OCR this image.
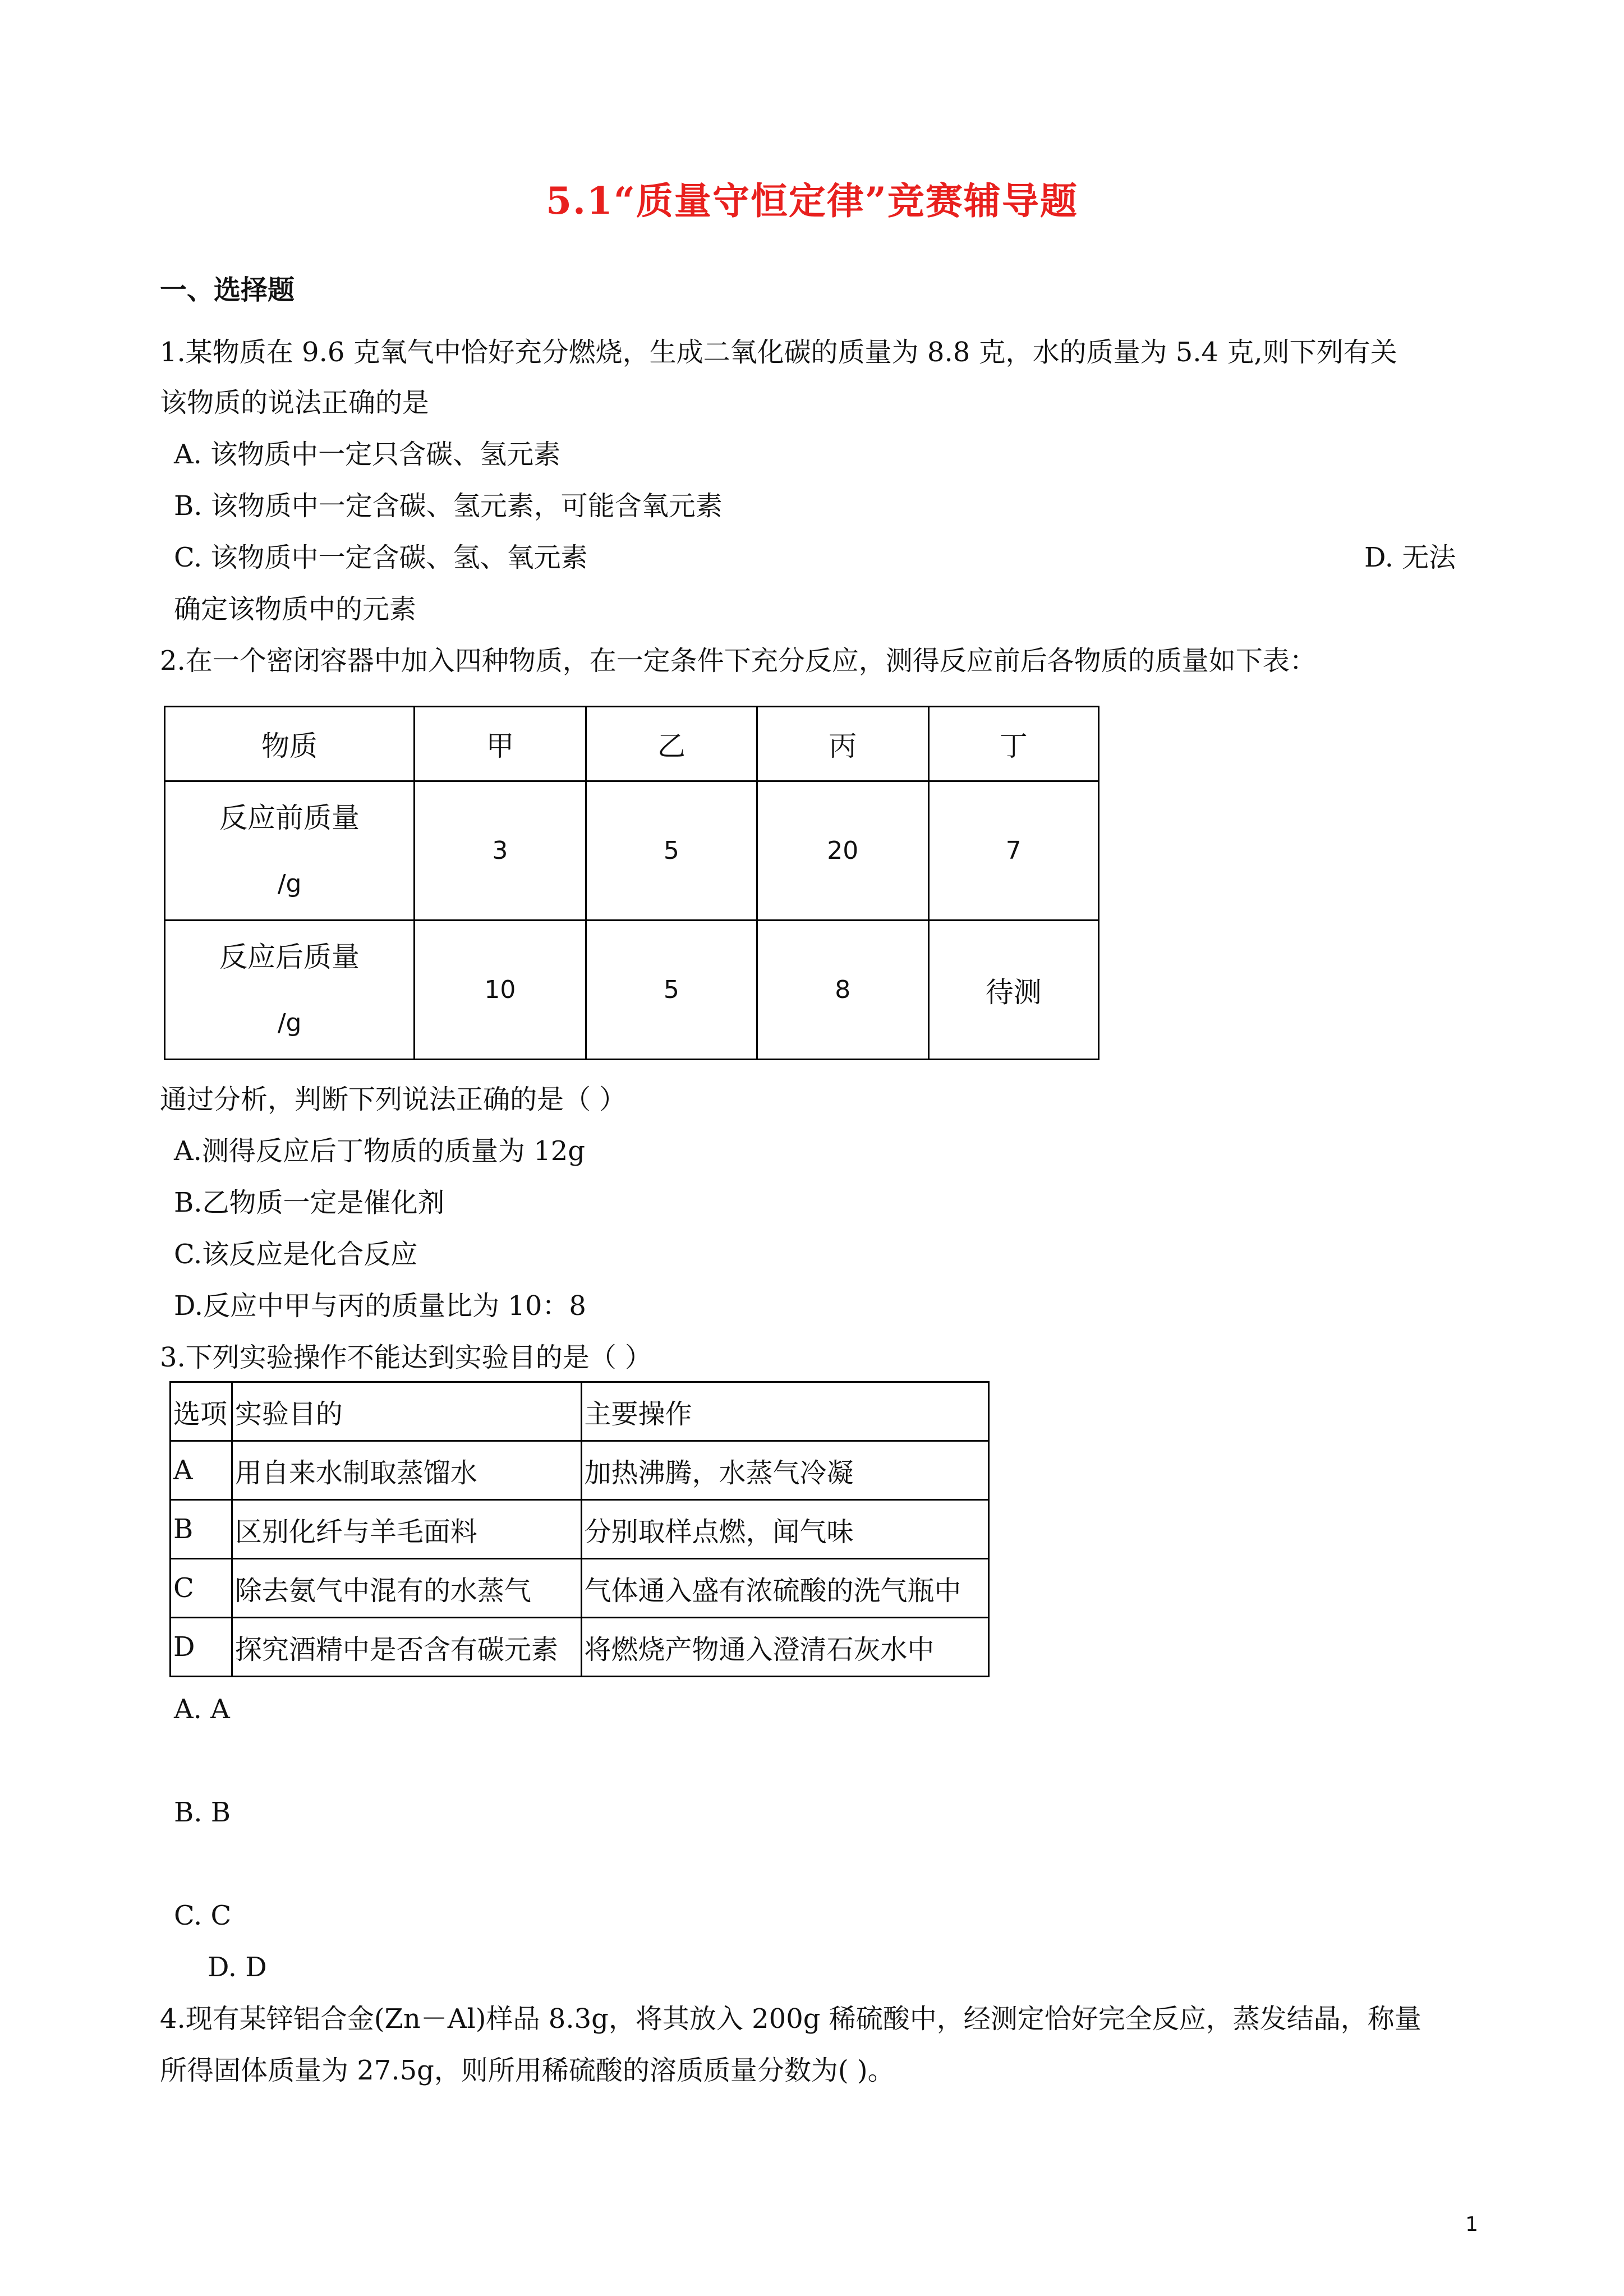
5.1“质量守恒定律”竞赛辅导题
一、选择题
1.某物质在 9.6 克氧气中恰好充分燃烧，生成二氧化碳的质量为 8.8 克，水的质量为 5.4 克,则下列有关
该物质的说法正确的是
A. 该物质中一定只含碳、氢元素
B. 该物质中一定含碳、氢元素，可能含氧元素
C. 该物质中一定含碳、氢、氧元素	D. 无法
确定该物质中的元素
2.在一个密闭容器中加入四种物质，在一定条件下充分反应，测得反应前后各物质的质量如下表：
物质	甲	乙	丙	丁

反应前质量
/g	3	5	20	7

反应后质量
/g	10	5	8	待测
通过分析，判断下列说法正确的是（ ）
A.测得反应后丁物质的质量为 12g
B.乙物质一定是催化剂
C.该反应是化合反应
D.反应中甲与丙的质量比为 10：8
3.下列实验操作不能达到实验目的是（ ）
选项	实验目的	主要操作
A	用自来水制取蒸馏水	加热沸腾，水蒸气冷凝
B	区别化纤与羊毛面料	分别取样点燃，闻气味
C	除去氨气中混有的水蒸气	气体通入盛有浓硫酸的洗气瓶中
D	探究酒精中是否含有碳元素	将燃烧产物通入澄清石灰水中
A. A
B. B
C. C
D. D
4.现有某锌铝合金(Zn－Al)样品 8.3g，将其放入 200g 稀硫酸中，经测定恰好完全反应，蒸发结晶，称量
所得固体质量为 27.5g，则所用稀硫酸的溶质质量分数为( )。
1
